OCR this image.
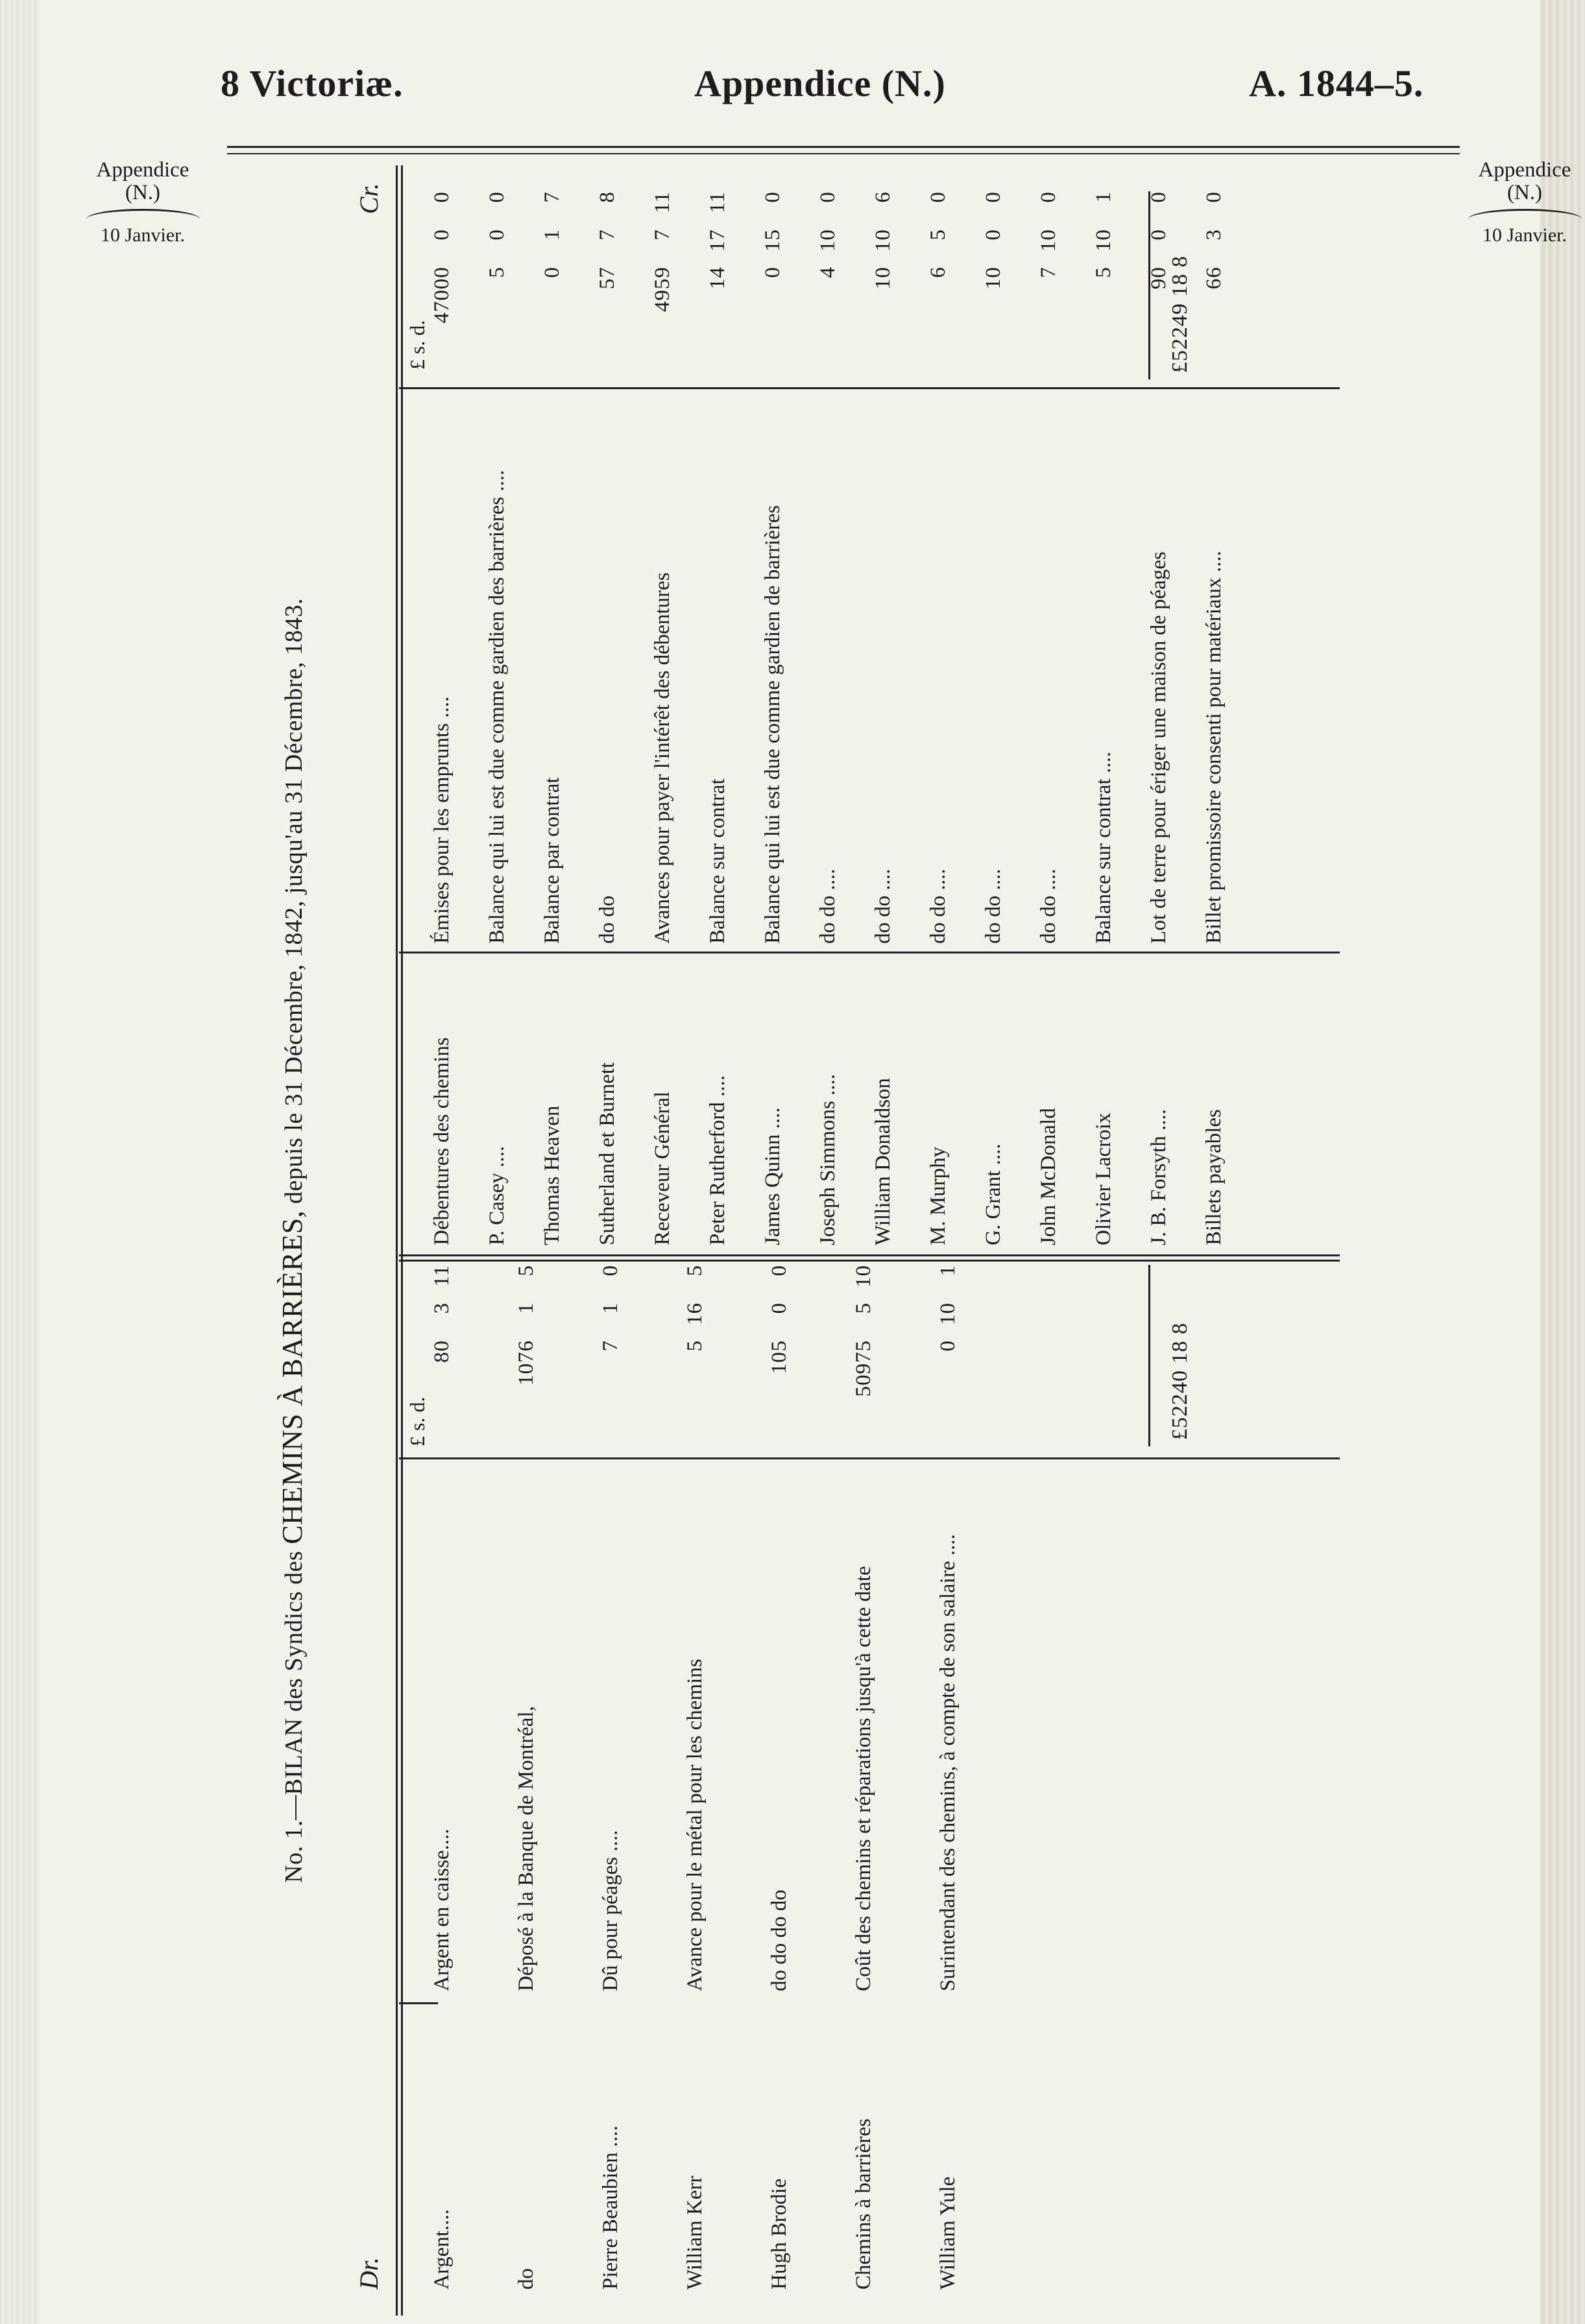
8 Victoriæ.	Appendice (N.)	A. 1844–5.
Appendice
(N.)
10 Janvier.
Appendice
(N.)
10 Janvier.
No. 1.—BILAN des Syndics des CHEMINS À BARRIÈRES, depuis le 31 Décembre, 1842, jusqu'au 31 Décembre, 1843.
Dr.
Cr.
£ s. d.
£ s. d.
Argent....
Argent en caisse....
80311
do
Déposé à la Banque de Montréal,
107615
Pierre Beaubien ....
Dû pour péages ....
710
William Kerr
Avance pour le métal pour les chemins
5165
Hugh Brodie
do do do do
10500
Chemins à barrières
Coût des chemins et réparations jusqu'à cette date
50975510
William Yule
Surintendant des chemins, à compte de son salaire ....
0101
Débentures des chemins
Émises pour les emprunts ....
4700000
P. Casey ....
Balance qui lui est due comme gardien des barrières ....
500
Thomas Heaven
Balance par contrat
017
Sutherland et Burnett
do do
5778
Receveur Général
Avances pour payer l'intérêt des débentures
4959711
Peter Rutherford ....
Balance sur contrat
141711
James Quinn ....
Balance qui lui est due comme gardien de barrières
0150
Joseph Simmons ....
do do ....
4100
William Donaldson
do do ....
10106
M. Murphy
do do ....
650
G. Grant ....
do do ....
1000
John McDonald
do do ....
7100
Olivier Lacroix
Balance sur contrat ....
5101
J. B. Forsyth ....
Lot de terre pour ériger une maison de péages
9000
Billets payables
Billet promissoire consenti pour matériaux ....
6630
£52240 18 8
£52249 18 8
